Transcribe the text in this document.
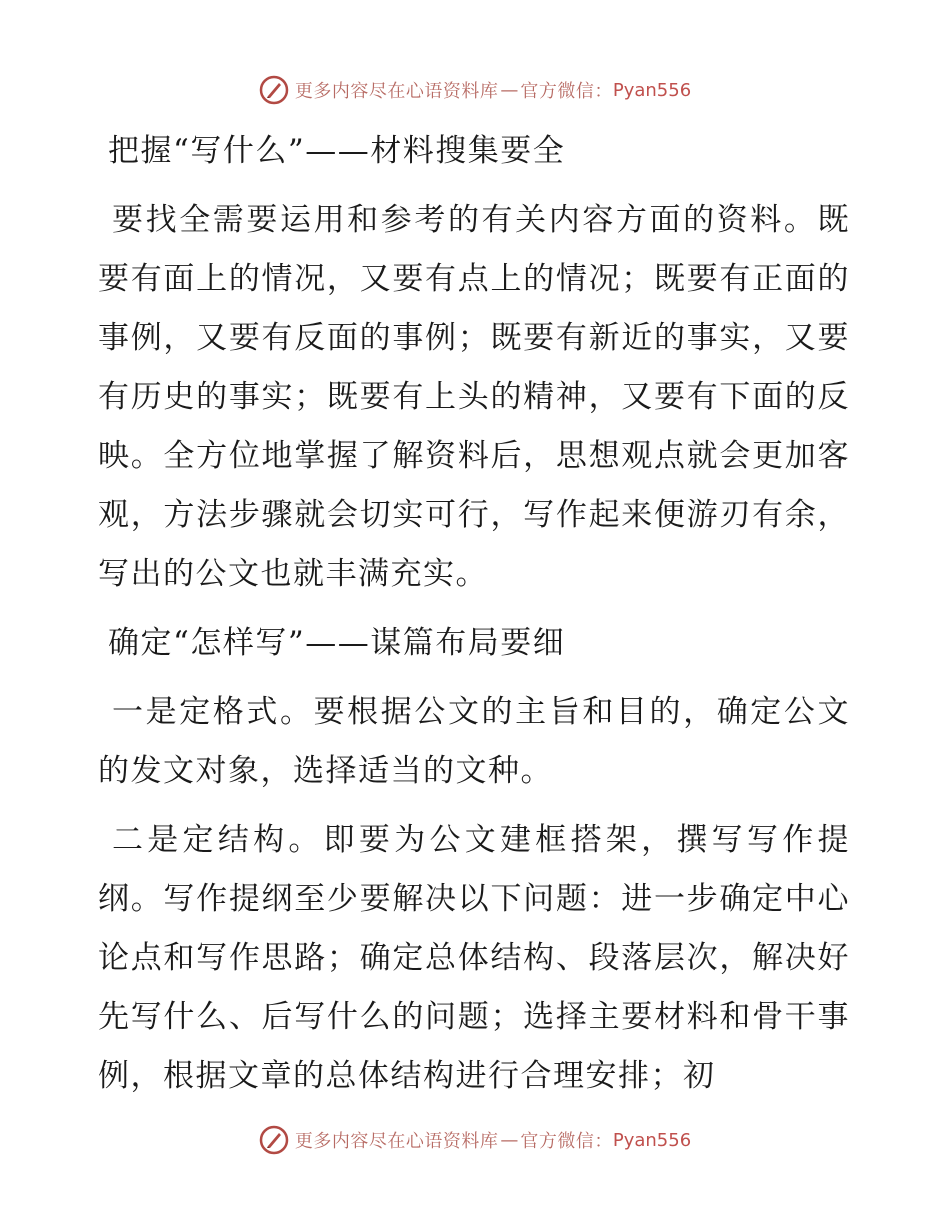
更多内容尽在心语资料库 — 官方微信： Pyan556

把握“写什么”——材料搜集要全

要找全需要运用和参考的有关内容方面的资料。既要有面上的情况，又要有点上的情况；既要有正面的事例，又要有反面的事例；既要有新近的事实，又要有历史的事实；既要有上头的精神，又要有下面的反映。全方位地掌握了解资料后，思想观点就会更加客观，方法步骤就会切实可行，写作起来便游刃有余，写出的公文也就丰满充实。

确定“怎样写”——谋篇布局要细

一是定格式。要根据公文的主旨和目的，确定公文的发文对象，选择适当的文种。

二是定结构。即要为公文建框搭架，撰写写作提纲。写作提纲至少要解决以下问题：进一步确定中心论点和写作思路；确定总体结构、段落层次，解决好先写什么、后写什么的问题；选择主要材料和骨干事例，根据文章的总体结构进行合理安排；初

更多内容尽在心语资料库 — 官方微信： Pyan556
